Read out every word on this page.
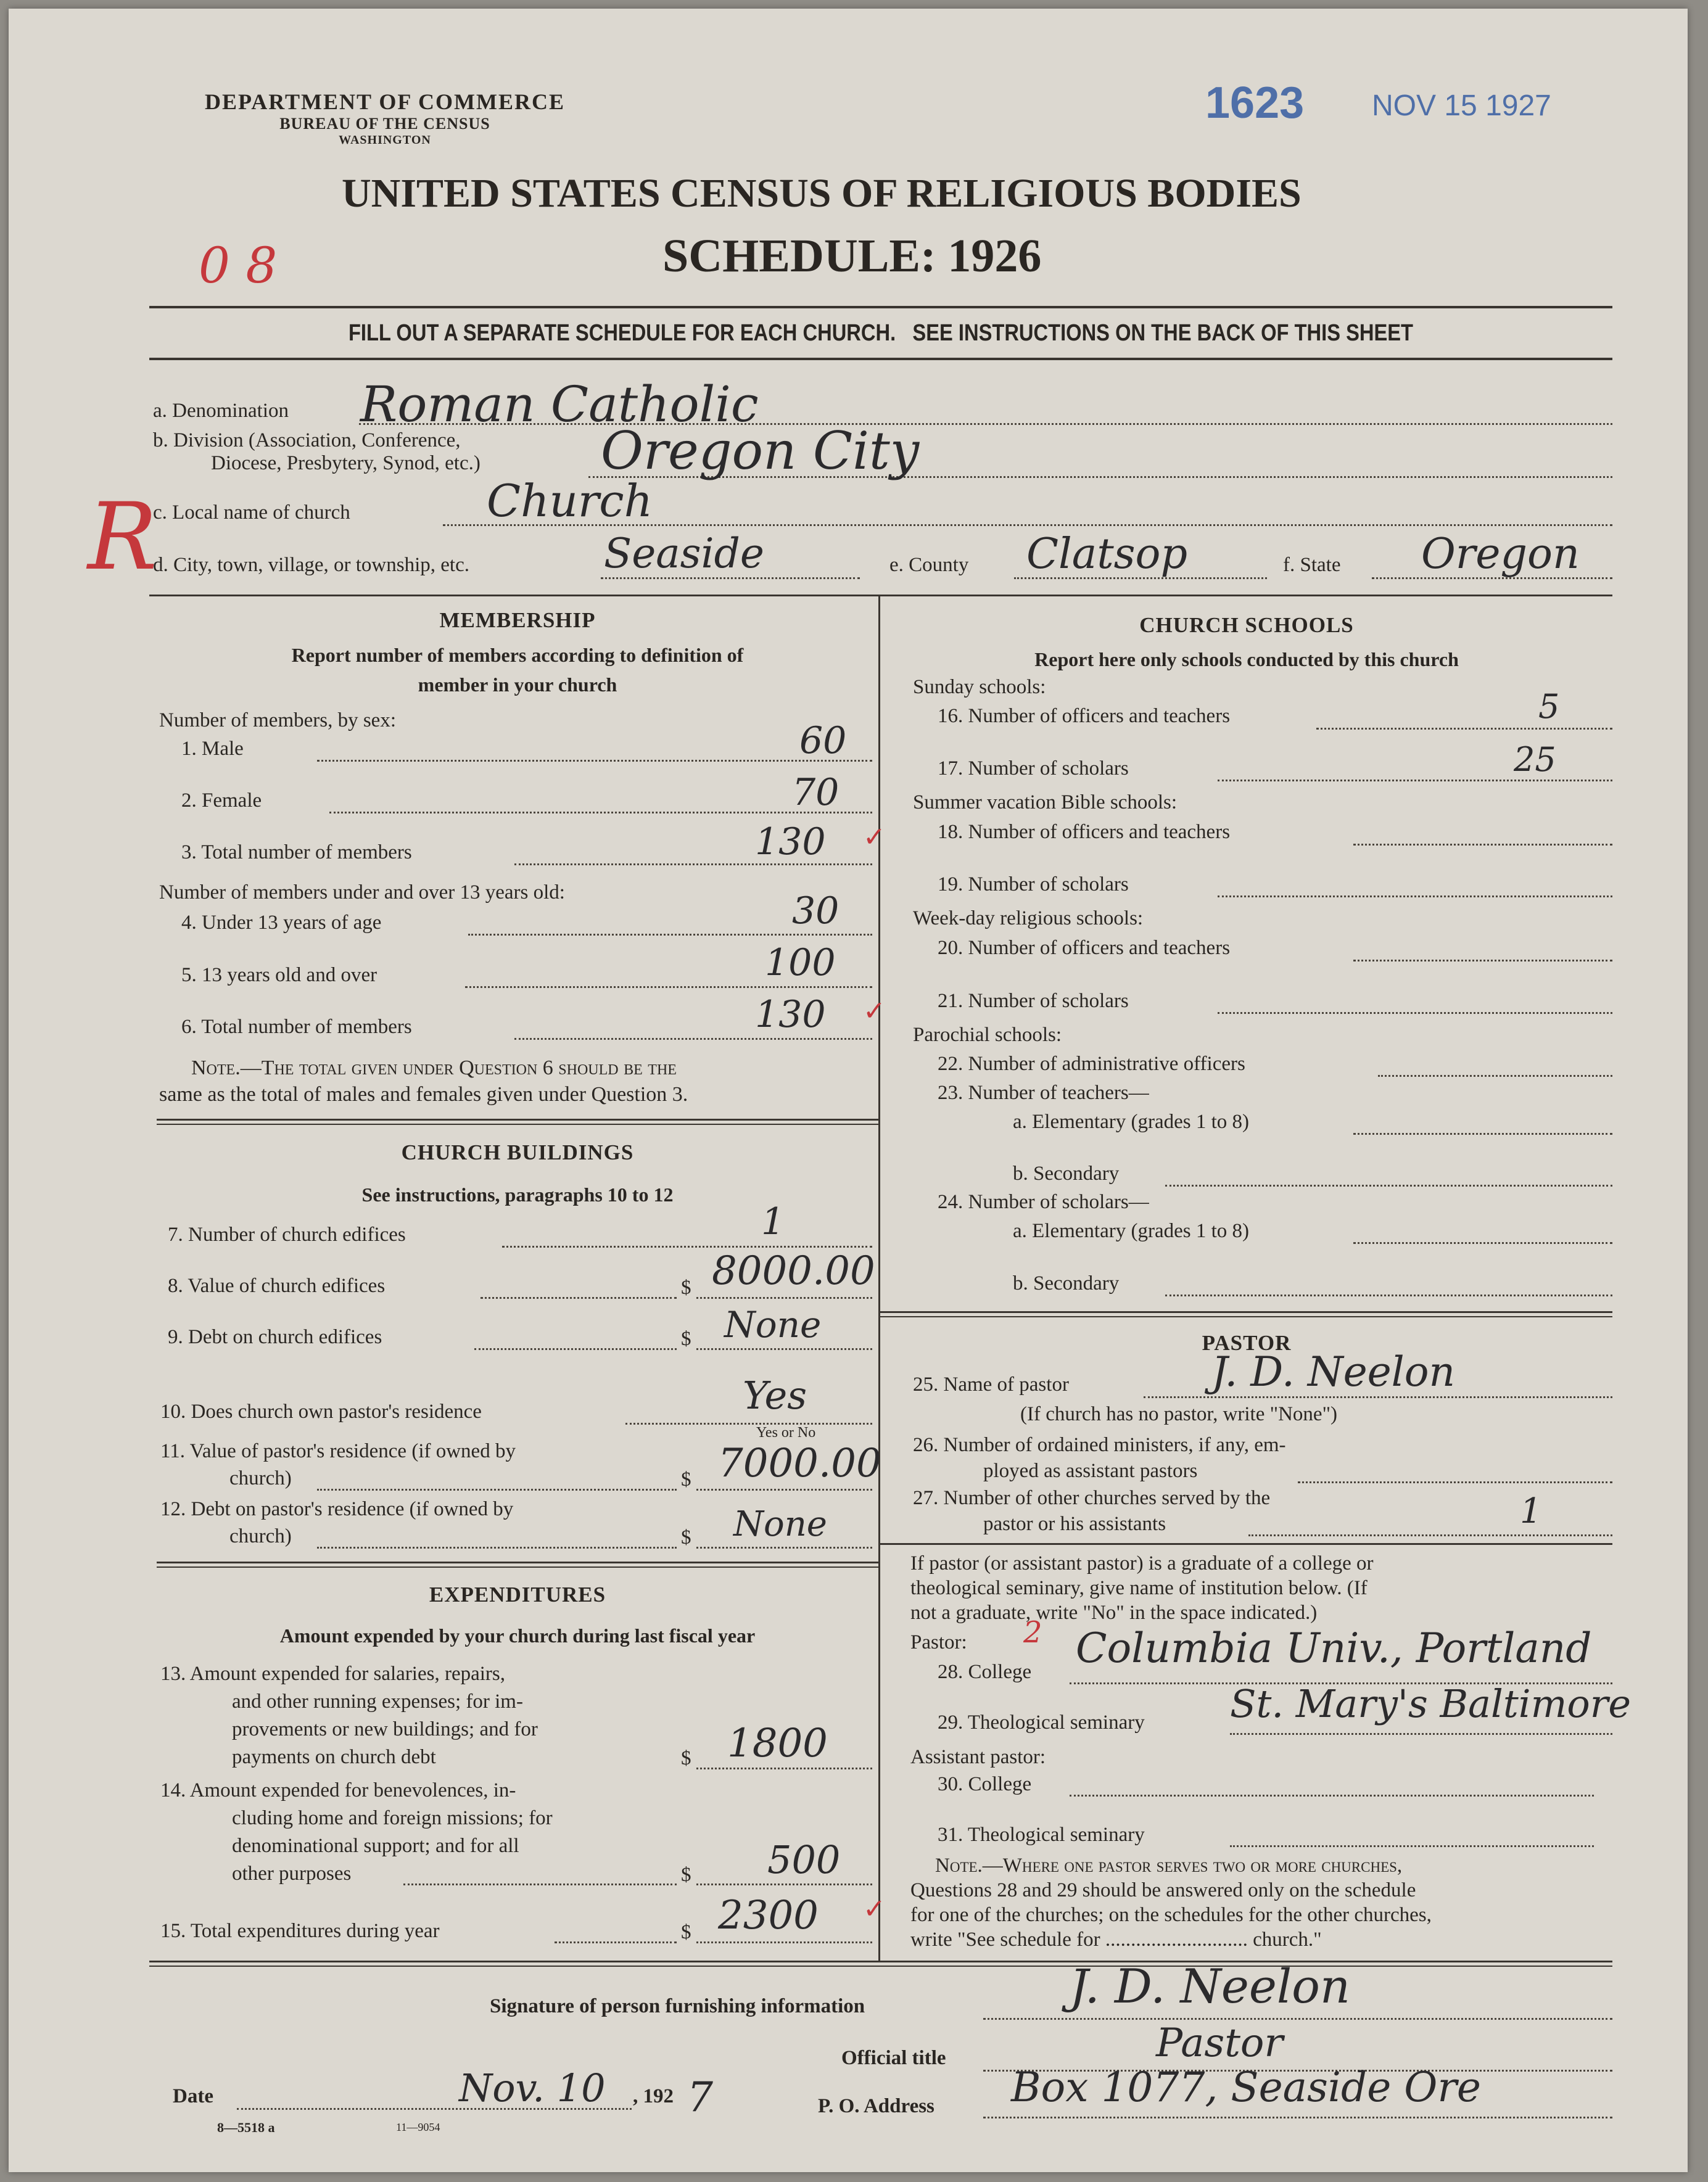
DEPARTMENT OF COMMERCE
BUREAU OF THE CENSUS
WASHINGTON
1623 NOV 15 1927
UNITED STATES CENSUS OF RELIGIOUS BODIES
SCHEDULE: 1926
0 8
R
FILL OUT A SEPARATE SCHEDULE FOR EACH CHURCH.   SEE INSTRUCTIONS ON THE BACK OF THIS SHEET
a. Denomination Roman Catholic
b. Division (Association, Conference,
Diocese, Presbytery, Synod, etc.) Oregon City
c. Local name of church	Church
d. City, town, village, or township, etc.	Seaside	e. County Clatsop	f. State Oregon
MEMBERSHIP
Report number of members according to definition of
member in your church
Number of members, by sex:
1. Male	60
2. Female	70
3. Total number of members	130 ✓
Number of members under and over 13 years old:
4. Under 13 years of age	30
5. 13 years old and over	100
6. Total number of members	130 ✓
Note.—The total given under Question 6 should be the
same as the total of males and females given under Question 3.
CHURCH BUILDINGS
See instructions, paragraphs 10 to 12
7. Number of church edifices	1
8. Value of church edifices	$ 8000.00
9. Debt on church edifices	$ None
10. Does church own pastor's residence	Yes
Yes or No
11. Value of pastor's residence (if owned by
church)	$ 7000.00
12. Debt on pastor's residence (if owned by
church)	$ None
EXPENDITURES
Amount expended by your church during last fiscal year
13. Amount expended for salaries, repairs,
and other running expenses; for im-
provements or new buildings; and for
payments on church debt	$ 1800
14. Amount expended for benevolences, in-
cluding home and foreign missions; for
denominational support; and for all
other purposes	$ 500
15. Total expenditures during year	$ 2300 ✓
CHURCH SCHOOLS
Report here only schools conducted by this church
Sunday schools:
16. Number of officers and teachers	5
17. Number of scholars	25
Summer vacation Bible schools:
18. Number of officers and teachers
19. Number of scholars
Week-day religious schools:
20. Number of officers and teachers
21. Number of scholars
Parochial schools:
22. Number of administrative officers
23. Number of teachers—
a. Elementary (grades 1 to 8)
b. Secondary
24. Number of scholars—
a. Elementary (grades 1 to 8)
b. Secondary
PASTOR
25. Name of pastor	J. D. Neelon
(If church has no pastor, write "None")
26. Number of ordained ministers, if any, em-
ployed as assistant pastors
27. Number of other churches served by the
pastor or his assistants	1
If pastor (or assistant pastor) is a graduate of a college or
theological seminary, give name of institution below. (If
not a graduate, write "No" in the space indicated.)
Pastor: 2
28. College Columbia Univ., Portland
29. Theological seminary St. Mary's Baltimore
Assistant pastor:
30. College
31. Theological seminary
Note.—Where one pastor serves two or more churches,
Questions 28 and 29 should be answered only on the schedule
for one of the churches; on the schedules for the other churches,
write "See schedule for ............................ church."
Signature of person furnishing information	J. D. Neelon
Official title	Pastor
Date	Nov. 10 , 192 7	P. O. Address Box 1077, Seaside Ore
8—5518 a	11—9054
